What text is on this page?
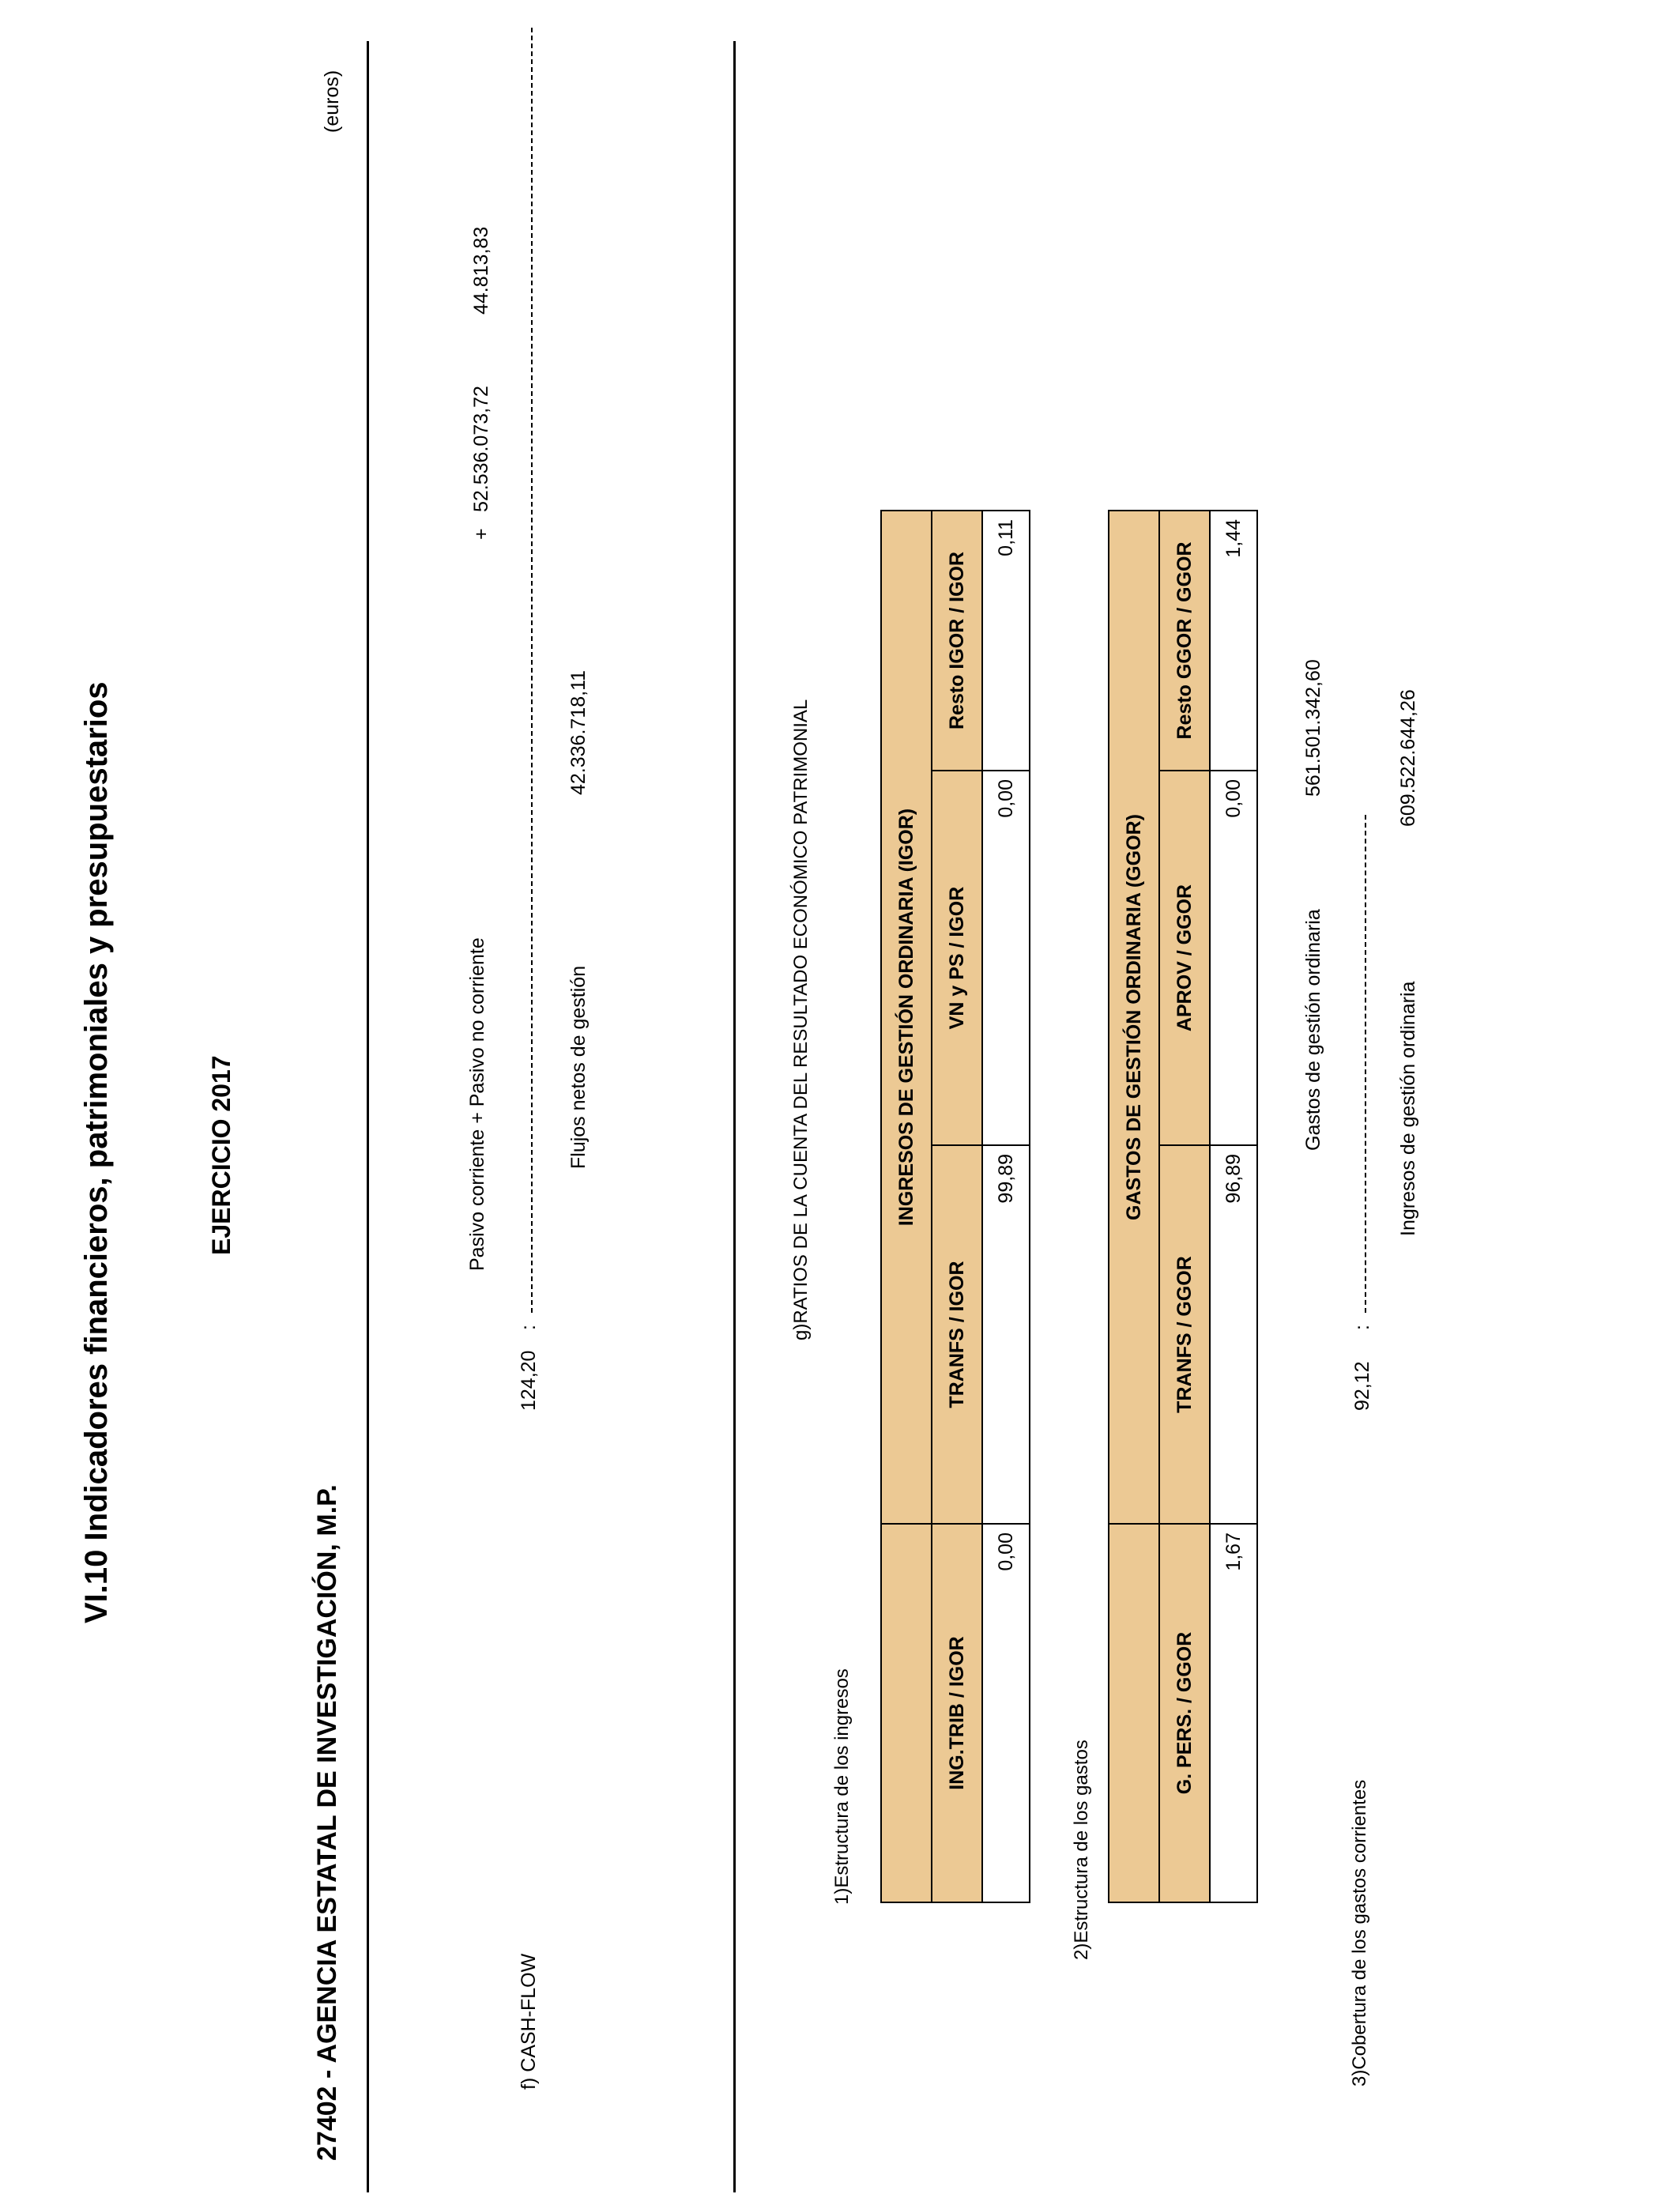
VI.10 Indicadores financieros, patrimoniales y presupuestarios
27402 - AGENCIA ESTATAL DE INVESTIGACIÓN, M.P.
EJERCICIO 2017
(euros)
f) CASH-FLOW
124,20
:
Pasivo corriente + Pasivo no corriente
52.536.073,72
+
44.813,83
Flujos netos de gestión
42.336.718,11	g)RATIOS DE LA CUENTA DEL RESULTADO ECONÓMICO PATRIMONIAL
1)Estructura de los ingresos
	INGRESOS DE GESTIÓN ORDINARIA (IGOR)		
ING.TRIB / IGOR	TRANFS / IGOR	VN y PS / IGOR	Resto IGOR / IGOR
0,00	99,89	0,00	0,11
2)Estructura de los gastos
	GASTOS DE GESTIÓN ORDINARIA (GGOR)		
G. PERS. / GGOR	TRANFS / GGOR	APROV / GGOR	Resto GGOR / GGOR
1,67	96,89	0,00	1,44
3)Cobertura de los gastos corrientes
92,12
:
Gastos de gestión ordinaria
561.501.342,60
Ingresos de gestión ordinaria
609.522.644,26
